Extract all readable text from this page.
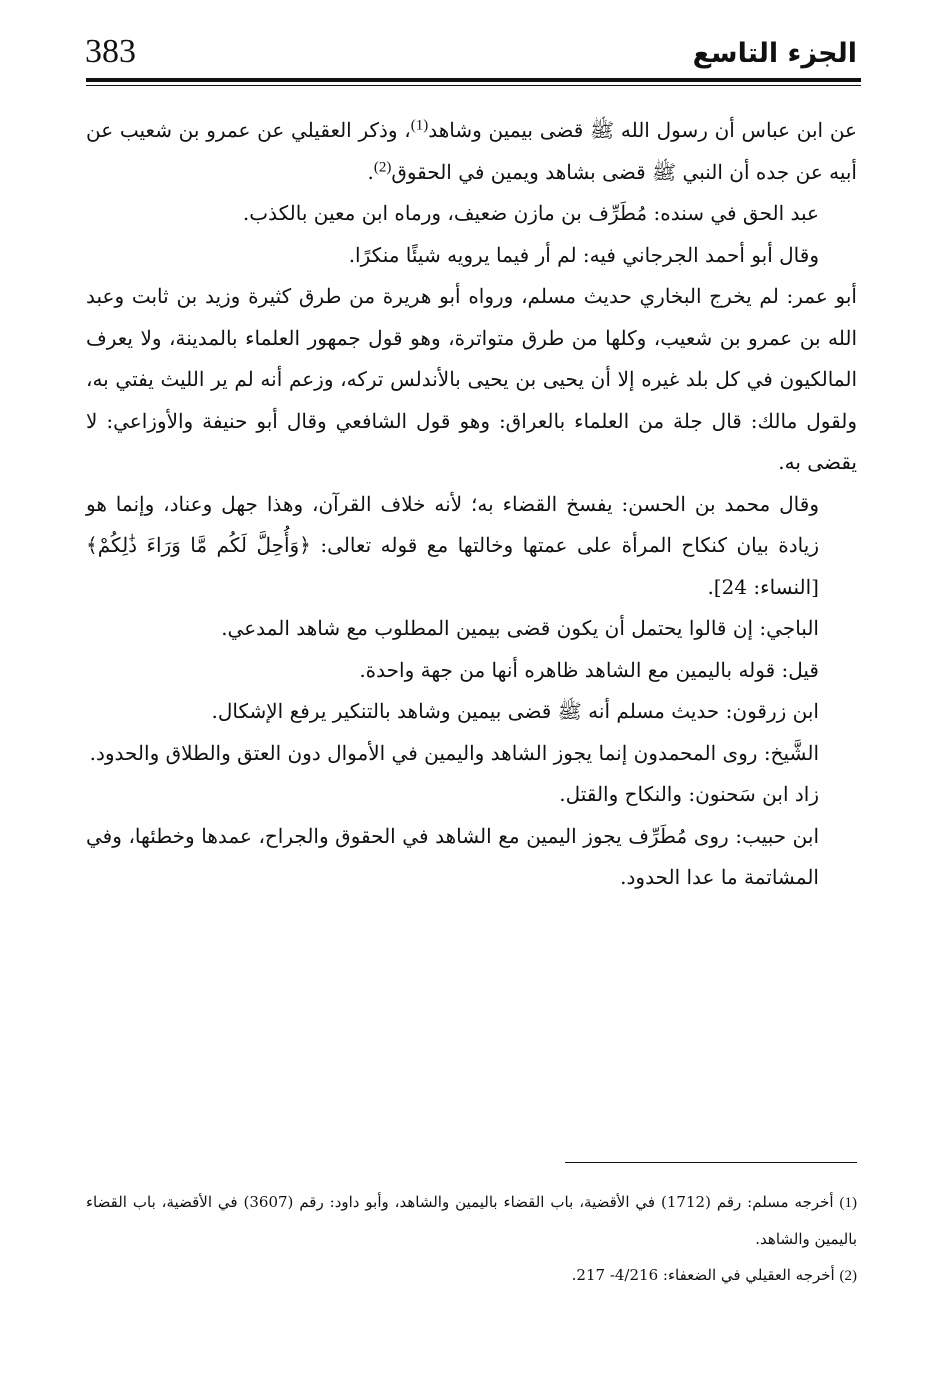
383	الجزء التاسع

عن ابن عباس أن رسول الله ﷺ قضى بيمين وشاهد$^{(1)}$، وذكر العقيلي عن عمرو بن شعيب عن أبيه عن جده أن النبي ﷺ قضى بشاهد ويمين في الحقوق$^{(2)}$.

عبد الحق في سنده: مُطَرِّف بن مازن ضعيف، ورماه ابن معين بالكذب.

وقال أبو أحمد الجرجاني فيه: لم أر فيما يرويه شيئًا منكرًا.

أبو عمر: لم يخرج البخاري حديث مسلم، ورواه أبو هريرة من طرق كثيرة وزيد بن ثابت وعبد الله بن عمرو بن شعيب، وكلها من طرق متواترة، وهو قول جمهور العلماء بالمدينة، ولا يعرف المالكيون في كل بلد غيره إلا أن يحيى بن يحيى بالأندلس تركه، وزعم أنه لم ير الليث يفتي به، ولقول مالك: قال جلة من العلماء بالعراق: وهو قول الشافعي وقال أبو حنيفة والأوزاعي: لا يقضى به.

وقال محمد بن الحسن: يفسخ القضاء به؛ لأنه خلاف القرآن، وهذا جهل وعناد، وإنما هو زيادة بيان كنكاح المرأة على عمتها وخالتها مع قوله تعالى: ﴿وَأُحِلَّ لَكُم مَّا وَرَاءَ ذَٰلِكُمْ﴾ [النساء: 24].

الباجي: إن قالوا يحتمل أن يكون قضى بيمين المطلوب مع شاهد المدعي.

قيل: قوله باليمين مع الشاهد ظاهره أنها من جهة واحدة.

ابن زرقون: حديث مسلم أنه ﷺ قضى بيمين وشاهد بالتنكير يرفع الإشكال.

الشَّيخ: روى المحمدون إنما يجوز الشاهد واليمين في الأموال دون العتق والطلاق والحدود.

زاد ابن سَحنون: والنكاح والقتل.

ابن حبيب: روى مُطَرِّف يجوز اليمين مع الشاهد في الحقوق والجراح، عمدها وخطئها، وفي المشاتمة ما عدا الحدود.

(1) أخرجه مسلم: رقم (1712) في الأقضية، باب القضاء باليمين والشاهد، وأبو داود: رقم (3607) في الأقضية، باب القضاء باليمين والشاهد.

(2) أخرجه العقيلي في الضعفاء: 4/216- 217.
